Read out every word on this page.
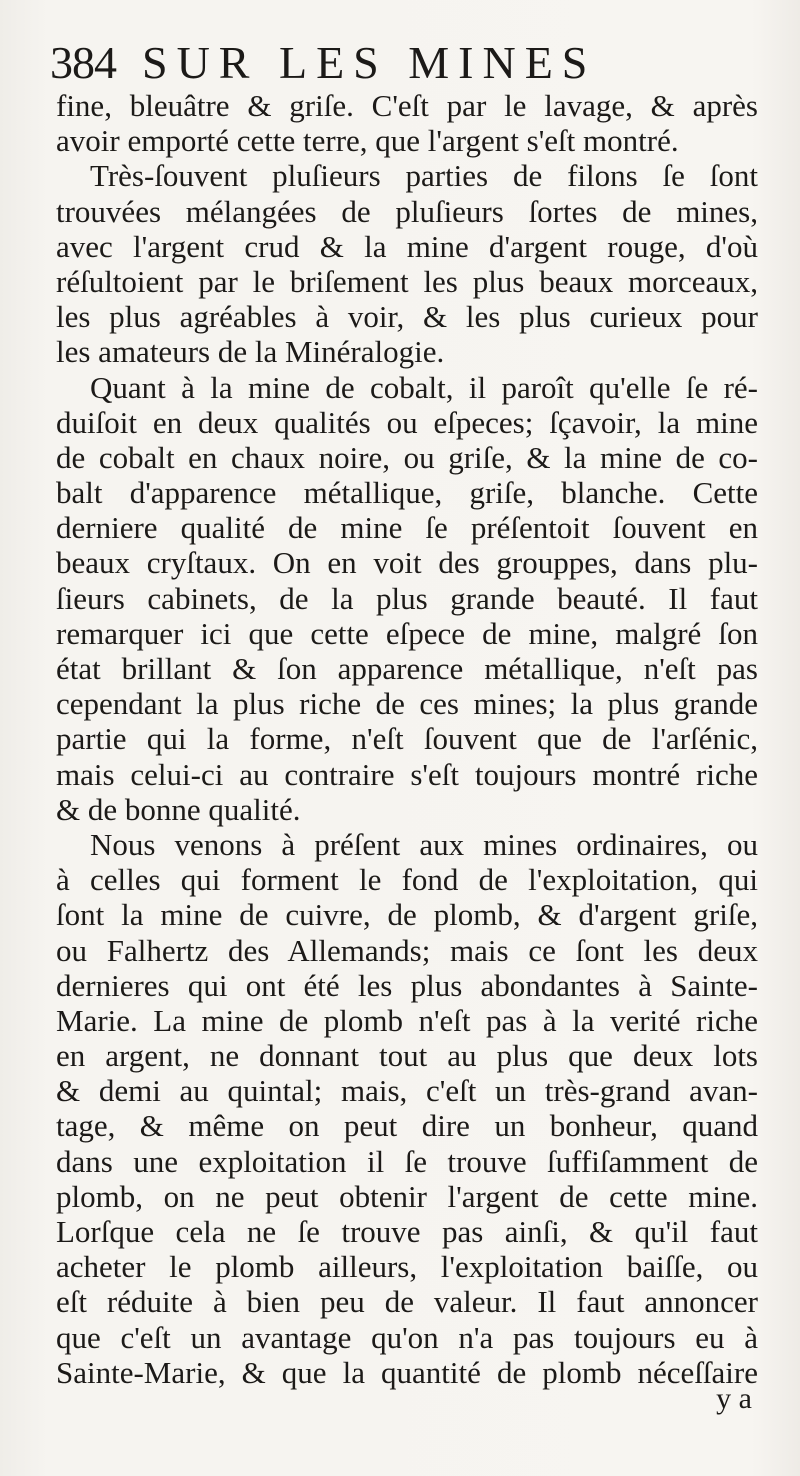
384 SUR LES MINES
fine, bleuâtre & griſe. C'eſt par le lavage, & après
avoir emporté cette terre, que l'argent s'eſt montré.
Très-ſouvent pluſieurs parties de filons ſe ſont
trouvées mélangées de pluſieurs ſortes de mines,
avec l'argent crud & la mine d'argent rouge, d'où
réſultoient par le briſement les plus beaux morceaux,
les plus agréables à voir, & les plus curieux pour
les amateurs de la Minéralogie.
Quant à la mine de cobalt, il paroît qu'elle ſe ré-
duiſoit en deux qualités ou eſpeces; ſçavoir, la mine
de cobalt en chaux noire, ou griſe, & la mine de co-
balt d'apparence métallique, griſe, blanche. Cette
derniere qualité de mine ſe préſentoit ſouvent en
beaux cryſtaux. On en voit des grouppes, dans plu-
ſieurs cabinets, de la plus grande beauté. Il faut
remarquer ici que cette eſpece de mine, malgré ſon
état brillant & ſon apparence métallique, n'eſt pas
cependant la plus riche de ces mines; la plus grande
partie qui la forme, n'eſt ſouvent que de l'arſénic,
mais celui-ci au contraire s'eſt toujours montré riche
& de bonne qualité.
Nous venons à préſent aux mines ordinaires, ou
à celles qui forment le fond de l'exploitation, qui
ſont la mine de cuivre, de plomb, & d'argent griſe,
ou Falhertz des Allemands; mais ce ſont les deux
dernieres qui ont été les plus abondantes à Sainte-
Marie. La mine de plomb n'eſt pas à la verité riche
en argent, ne donnant tout au plus que deux lots
& demi au quintal; mais, c'eſt un très-grand avan-
tage, & même on peut dire un bonheur, quand
dans une exploitation il ſe trouve ſuffiſamment de
plomb, on ne peut obtenir l'argent de cette mine.
Lorſque cela ne ſe trouve pas ainſi, & qu'il faut
acheter le plomb ailleurs, l'exploitation baiſſe, ou
eſt réduite à bien peu de valeur. Il faut annoncer
que c'eſt un avantage qu'on n'a pas toujours eu à
Sainte-Marie, & que la quantité de plomb néceſſaire
y a
